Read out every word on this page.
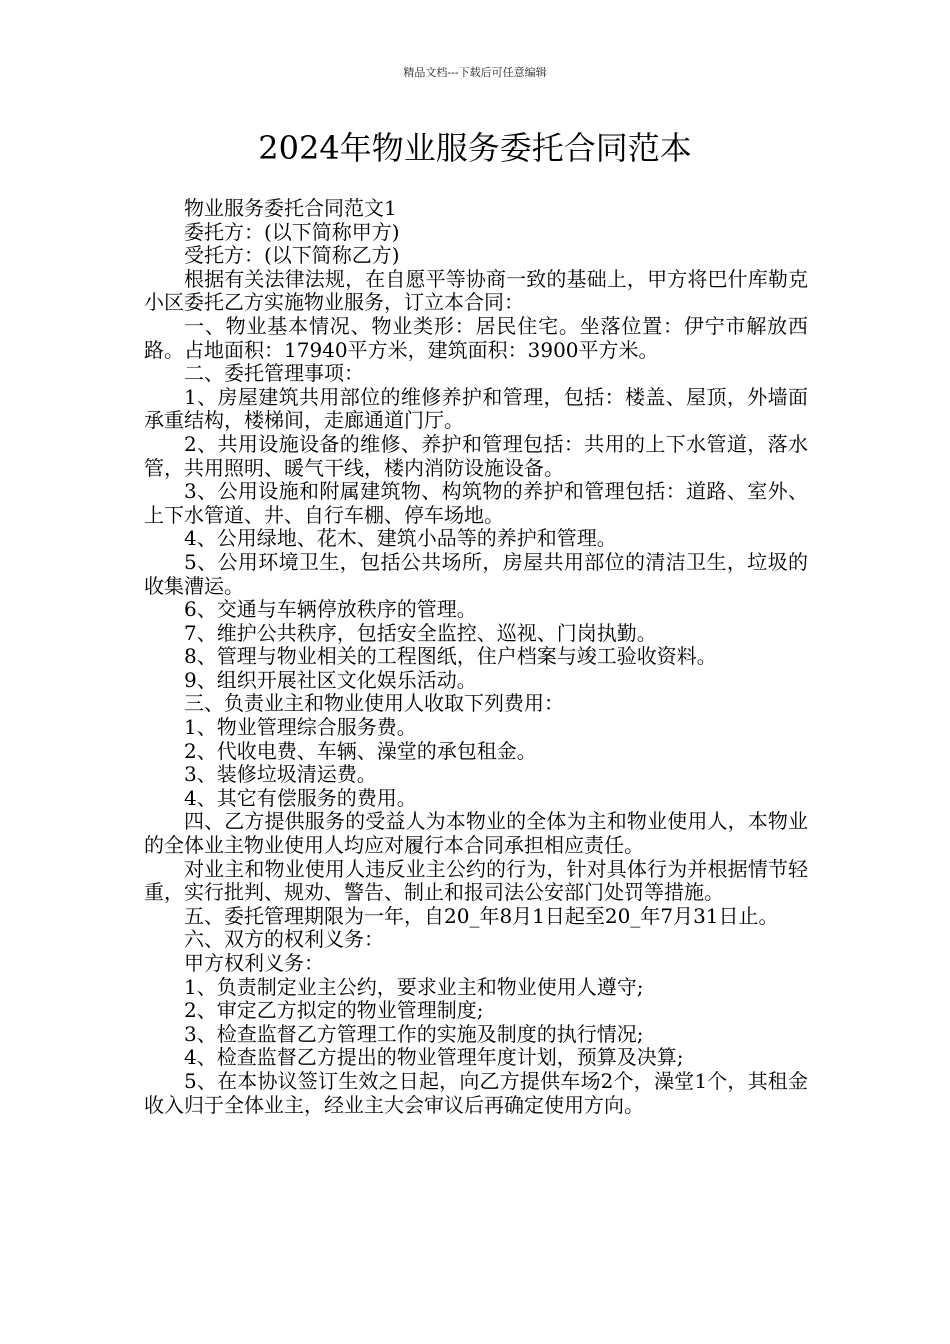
精品文档---下载后可任意编辑
2024年物业服务委托合同范本

物业服务委托合同范文1

委托方：(以下简称甲方)

受托方：(以下简称乙方)

根据有关法律法规，在自愿平等协商一致的基础上，甲方将巴什库勒克小区委托乙方实施物业服务，订立本合同：

一、物业基本情况、物业类形：居民住宅。坐落位置：伊宁市解放西路。占地面积：17940平方米，建筑面积：3900平方米。

二、委托管理事项：

1、房屋建筑共用部位的维修养护和管理，包括：楼盖、屋顶，外墙面承重结构，楼梯间，走廊通道门厅。

2、共用设施设备的维修、养护和管理包括：共用的上下水管道，落水管，共用照明、暖气干线，楼内消防设施设备。

3、公用设施和附属建筑物、构筑物的养护和管理包括：道路、室外、上下水管道、井、自行车棚、停车场地。

4、公用绿地、花木、建筑小品等的养护和管理。

5、公用环境卫生，包括公共场所，房屋共用部位的清洁卫生，垃圾的收集漕运。

6、交通与车辆停放秩序的管理。

7、维护公共秩序，包括安全监控、巡视、门岗执勤。

8、管理与物业相关的工程图纸，住户档案与竣工验收资料。

9、组织开展社区文化娱乐活动。

三、负责业主和物业使用人收取下列费用：

1、物业管理综合服务费。

2、代收电费、车辆、澡堂的承包租金。

3、装修垃圾清运费。

4、其它有偿服务的费用。

四、乙方提供服务的受益人为本物业的全体为主和物业使用人，本物业的全体业主物业使用人均应对履行本合同承担相应责任。

对业主和物业使用人违反业主公约的行为，针对具体行为并根据情节轻重，实行批判、规劝、警告、制止和报司法公安部门处罚等措施。

五、委托管理期限为一年，自20_年8月1日起至20_年7月31日止。

六、双方的权利义务：

甲方权利义务：

1、负责制定业主公约，要求业主和物业使用人遵守;

2、审定乙方拟定的物业管理制度;

3、检查监督乙方管理工作的实施及制度的执行情况;

4、检查监督乙方提出的物业管理年度计划，预算及决算;

5、在本协议签订生效之日起，向乙方提供车场2个，澡堂1个，其租金收入归于全体业主，经业主大会审议后再确定使用方向。
